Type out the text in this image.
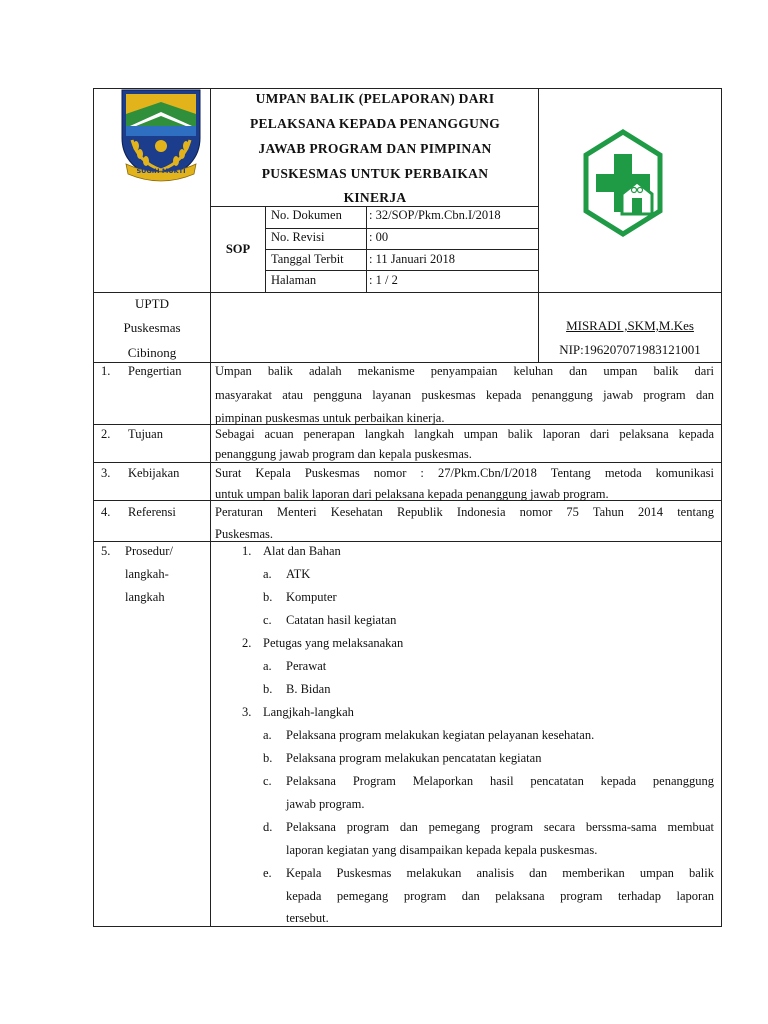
SUGIH MUKTI
UMPAN BALIK (PELAPORAN) DARI
PELAKSANA KEPADA PENANGGUNG
JAWAB PROGRAM DAN PIMPINAN
PUSKESMAS UNTUK PERBAIKAN
KINERJA
SOP
No. Dokumen : 32/SOP/Pkm.Cbn.I/2018
No. Revisi	: 00
Tanggal Terbit : 11 Januari 2018
Halaman	: 1 / 2
UPTD
Puskesmas
Cibinong
MISRADI ,SKM,M.Kes
NIP:196207071983121001
1. Pengertian	Umpan balik adalah mekanisme penyampaian keluhan dan umpan balik dari
masyarakat atau pengguna layanan puskesmas kepada penanggung jawab program dan
pimpinan puskesmas untuk perbaikan kinerja.
2. Tujuan	Sebagai acuan penerapan langkah langkah umpan balik laporan dari pelaksana kepada
penanggung jawab program dan kepala puskesmas.
3. Kebijakan	Surat Kepala Puskesmas nomor : 27/Pkm.Cbn/I/2018 Tentang metoda komunikasi
untuk umpan balik laporan dari pelaksana kepada penanggung jawab program.
4. Referensi	Peraturan Menteri Kesehatan Republik Indonesia nomor 75 Tahun 2014 tentang
Puskesmas.
5. Prosedur/
langkah-
langkah
1. Alat dan Bahan
a. ATK
b. Komputer
c. Catatan hasil kegiatan
2. Petugas yang melaksanakan
a. Perawat
b. B. Bidan
3. Langjkah-langkah
a. Pelaksana program melakukan kegiatan pelayanan kesehatan.
b. Pelaksana program melakukan pencatatan kegiatan
c. Pelaksana Program Melaporkan hasil pencatatan kepada penanggung
jawab program.
d. Pelaksana program dan pemegang program secara berssma-sama membuat
laporan kegiatan yang disampaikan kepada kepala puskesmas.
e. Kepala Puskesmas melakukan analisis dan memberikan umpan balik
kepada pemegang program dan pelaksana program terhadap laporan
tersebut.
